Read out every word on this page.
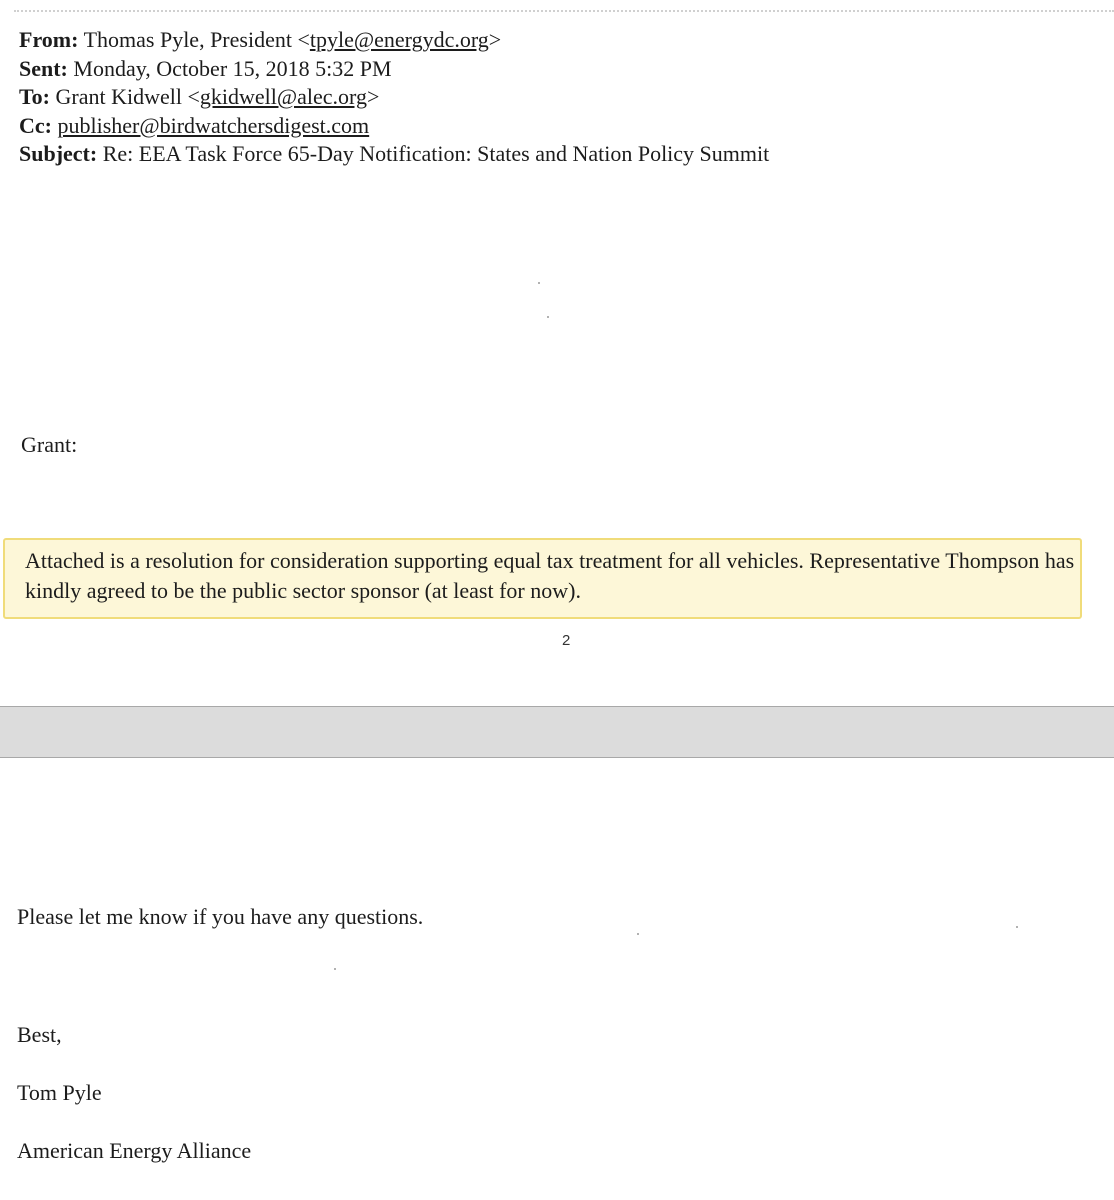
From: Thomas Pyle, President <tpyle@energydc.org>
Sent: Monday, October 15, 2018 5:32 PM
To: Grant Kidwell <gkidwell@alec.org>
Cc: publisher@birdwatchersdigest.com
Subject: Re: EEA Task Force 65-Day Notification: States and Nation Policy Summit
Grant:
Attached is a resolution for consideration supporting equal tax treatment for all vehicles. Representative Thompson has kindly agreed to be the public sector sponsor (at least for now).
2
Please let me know if you have any questions.
Best,
Tom Pyle
American Energy Alliance
